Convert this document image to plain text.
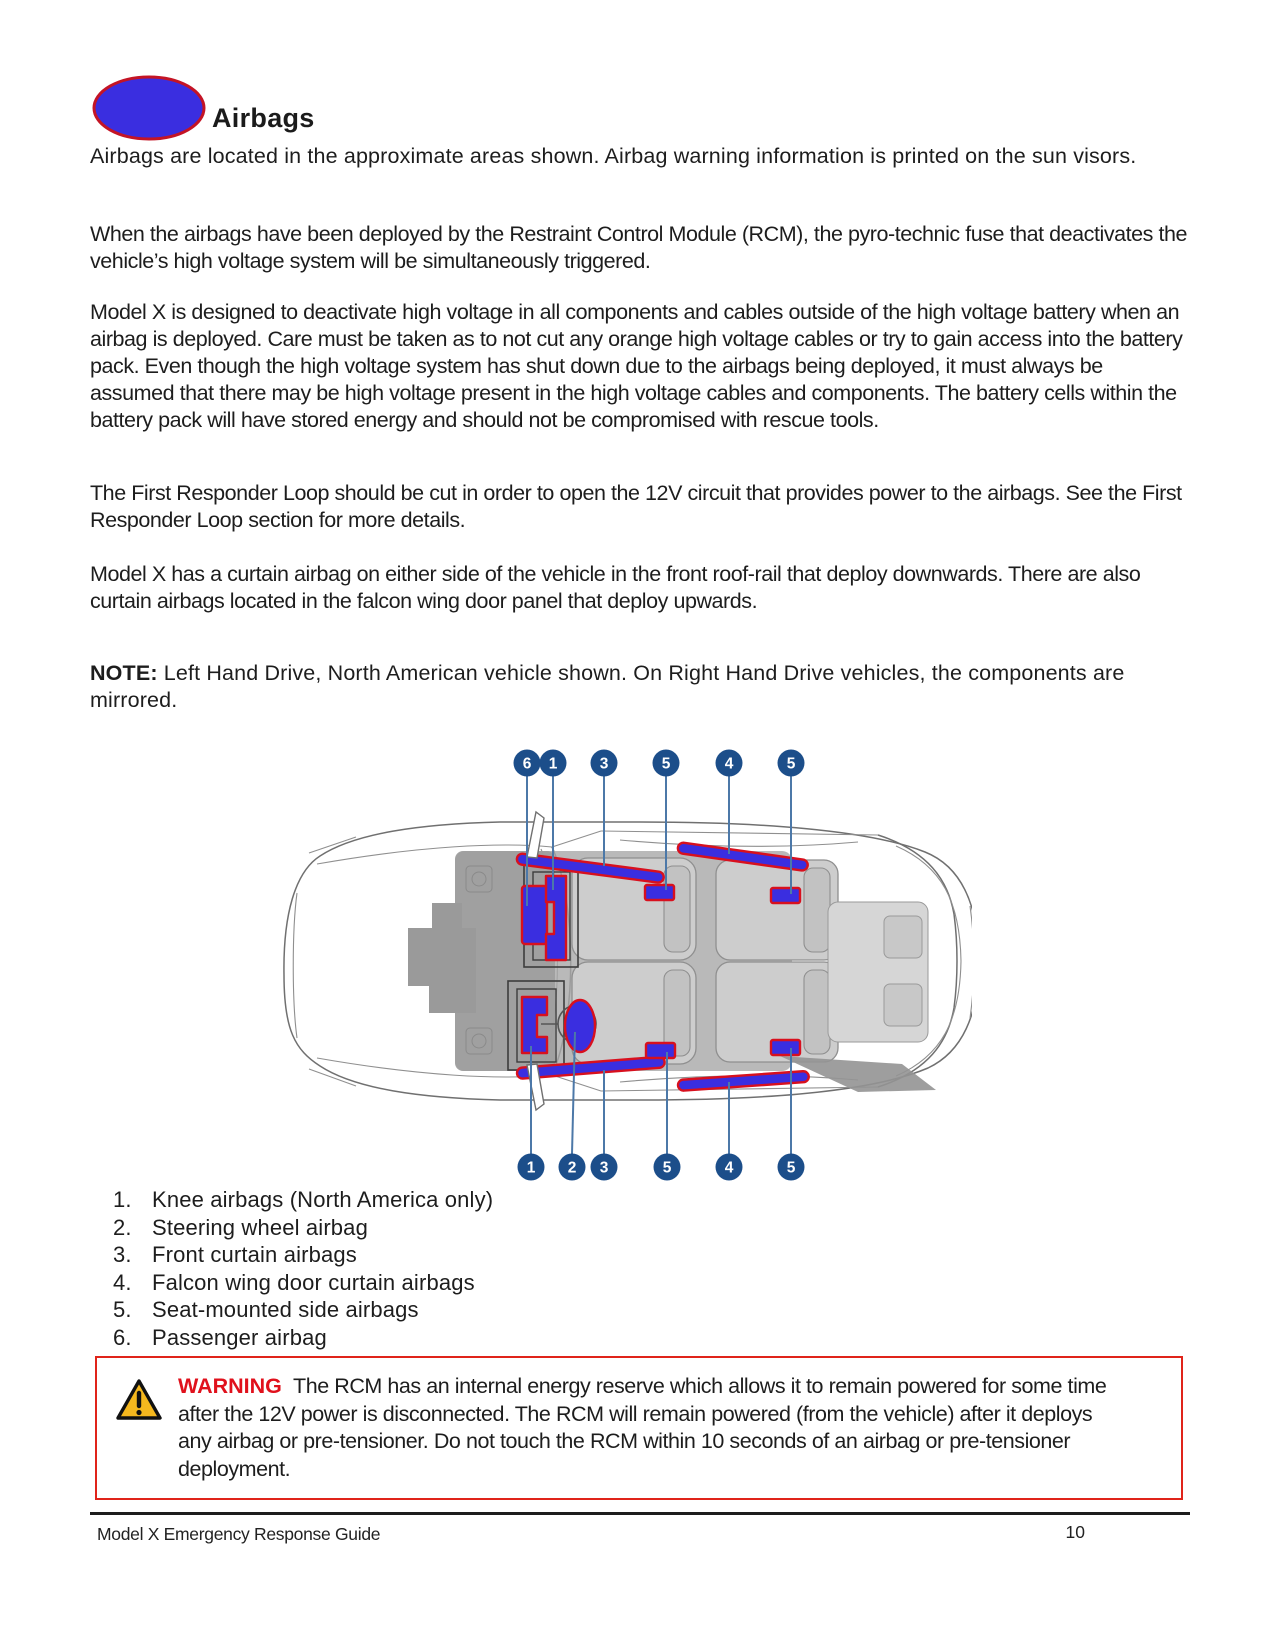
Airbags
Airbags are located in the approximate areas shown. Airbag warning information is printed on the sun visors.
When the airbags have been deployed by the Restraint Control Module (RCM), the pyro-technic fuse that deactivates the vehicle’s high voltage system will be simultaneously triggered.
Model X is designed to deactivate high voltage in all components and cables outside of the high voltage battery when an airbag is deployed. Care must be taken as to not cut any orange high voltage cables or try to gain access into the battery pack. Even though the high voltage system has shut down due to the airbags being deployed, it must always be assumed that there may be high voltage present in the high voltage cables and components. The battery cells within the battery pack will have stored energy and should not be compromised with rescue tools.
The First Responder Loop should be cut in order to open the 12V circuit that provides power to the airbags. See the First Responder Loop section for more details.
Model X has a curtain airbag on either side of the vehicle in the front roof-rail that deploy downwards. There are also curtain airbags located in the falcon wing door panel that deploy upwards.
NOTE: Left Hand Drive, North American vehicle shown. On Right Hand Drive vehicles, the components are mirrored.
6 1	3	5	4	5
1 2 3	5	4	5
1. Knee airbags (North America only)
2. Steering wheel airbag
3. Front curtain airbags
4. Falcon wing door curtain airbags
5. Seat-mounted side airbags
6. Passenger airbag
WARNING The RCM has an internal energy reserve which allows it to remain powered for some time after the 12V power is disconnected. The RCM will remain powered (from the vehicle) after it deploys any airbag or pre-tensioner. Do not touch the RCM within 10 seconds of an airbag or pre-tensioner deployment.
Model X Emergency Response Guide	10
